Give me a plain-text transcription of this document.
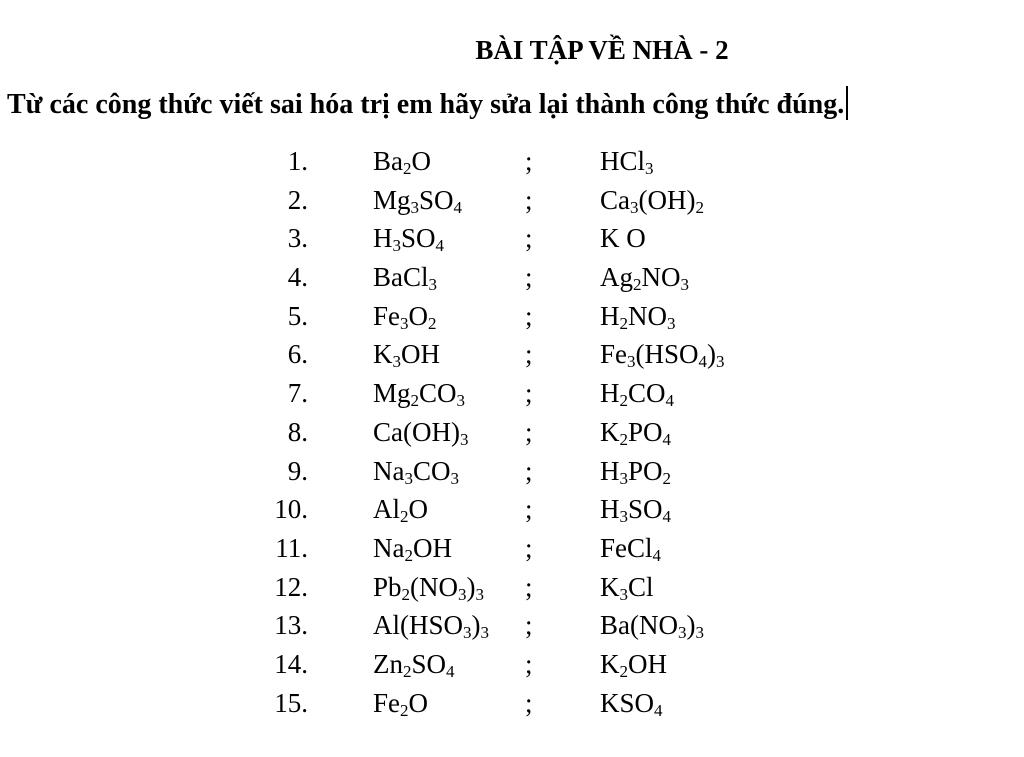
BÀI TẬP VỀ NHÀ - 2

Từ các công thức viết sai hóa trị em hãy sửa lại thành công thức đúng.

1. $Ba_2O$	; HCl$_3$
2. $Mg_3SO_4$ ; $Ca_3(OH)_2$
3. $H_3SO_4$	; K O
4. BaCl$_3$	; $Ag_2NO_3$
5. $Fe_3O_2$	; $H_2NO_3$
6. $K_3OH$	; $Fe_3(HSO_4)_3$
7. $Mg_2CO_3$ ; $H_2CO_4$
8. $Ca(OH)_3$ ; $K_2PO_4$
9. $Na_3CO_3$ ; $H_3PO_2$
10. $Al_2O$	; $H_3SO_4$
11. $Na_2OH$	; FeCl$_4$
12. $Pb_2(NO_3)_3$ ; $K_3Cl$
13. $Al(HSO_3)_3$ ; $Ba(NO_3)_3$
14. $Zn_2SO_4$	; $K_2OH$
15. $Fe_2O$	; $KSO_4$
